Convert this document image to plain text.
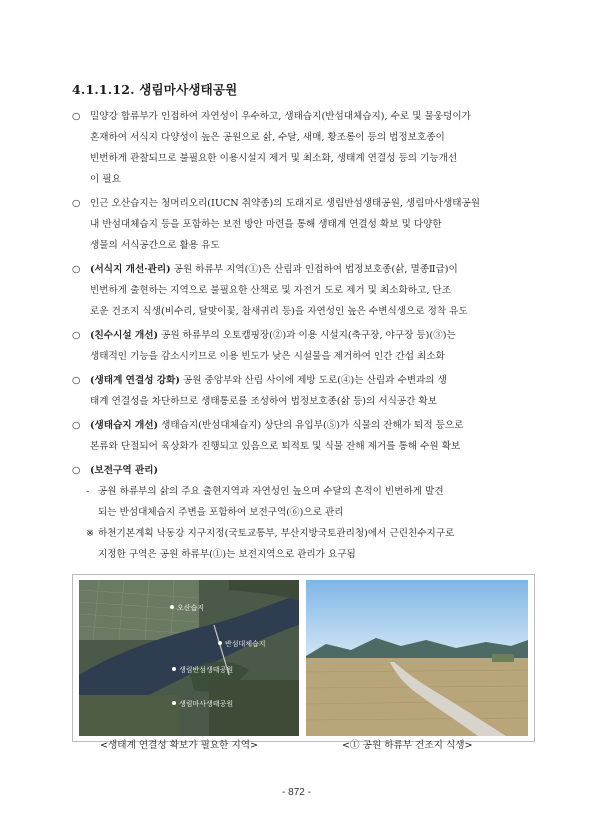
4.1.1.12. 생림마사생태공원
○ 밀양강 합류부가 인접하여 자연성이 우수하고, 생태습지(반섬대체습지), 수로 및 물웅덩이가
혼재하여 서식지 다양성이 높은 공원으로 삵, 수달, 새매, 황조롱이 등의 법정보호종이
빈번하게 관찰되므로 불필요한 이용시설지 제거 및 최소화, 생태계 연결성 등의 기능개선
이 필요
○ 인근 오산습지는 청머리오리(IUCN 취약종)의 도래지로 생림반섬생태공원, 생림마사생태공원
내 반섬대체습지 등을 포함하는 보전 방안 마련을 통해 생태계 연결성 확보 및 다양한
생물의 서식공간으로 활용 유도
○ (서식지 개선·관리) 공원 하류부 지역(①)은 산림과 인접하여 법정보호종(삵, 멸종Ⅱ급)이
빈번하게 출현하는 지역으로 불필요한 산책로 및 자전거 도로 제거 및 최소화하고, 단조
로운 건조지 식생(비수리, 달맞이꽃, 참새귀리 등)을 자연성인 높은 수변식생으로 정착 유도
○ (친수시설 개선) 공원 하류부의 오토캠핑장(②)과 이용 시설지(축구장, 야구장 등)(③)는
생태적인 기능을 감소시키므로 이용 빈도가 낮은 시설물을 제거하여 인간 간섭 최소화
○ (생태계 연결성 강화) 공원 중앙부와 산림 사이에 제방 도로(④)는 산림과 수변과의 생
태계 연결성을 차단하므로 생태통로를 조성하여 법정보호종(삵 등)의 서식공간 확보
○ (생태습지 개선) 생태습지(반섬대체습지) 상단의 유입부(⑤)가 식물의 잔해가 퇴적 등으로
본류와 단절되어 육상화가 진행되고 있음으로 퇴적토 및 식물 잔해 제거를 통해 수원 확보
○ (보전구역 관리)
- 공원 하류부의 삵의 주요 출현지역과 자연성인 높으며 수달의 흔적이 빈번하게 발견
되는 반섬대체습지 주변을 포함하여 보전구역(⑥)으로 관리
※ 하천기본계획 낙동강 지구지정(국토교통부, 부산지방국토관리청)에서 근린친수지구로
지정한 구역은 공원 하류부(①)는 보전지역으로 관리가 요구됨
오산습지
반섬대체습지
생림반섬생태공원
생림마사생태공원
<생태계 연결성 확보가 필요한 지역>	<① 공원 하류부 건조지 식생>
- 872 -
